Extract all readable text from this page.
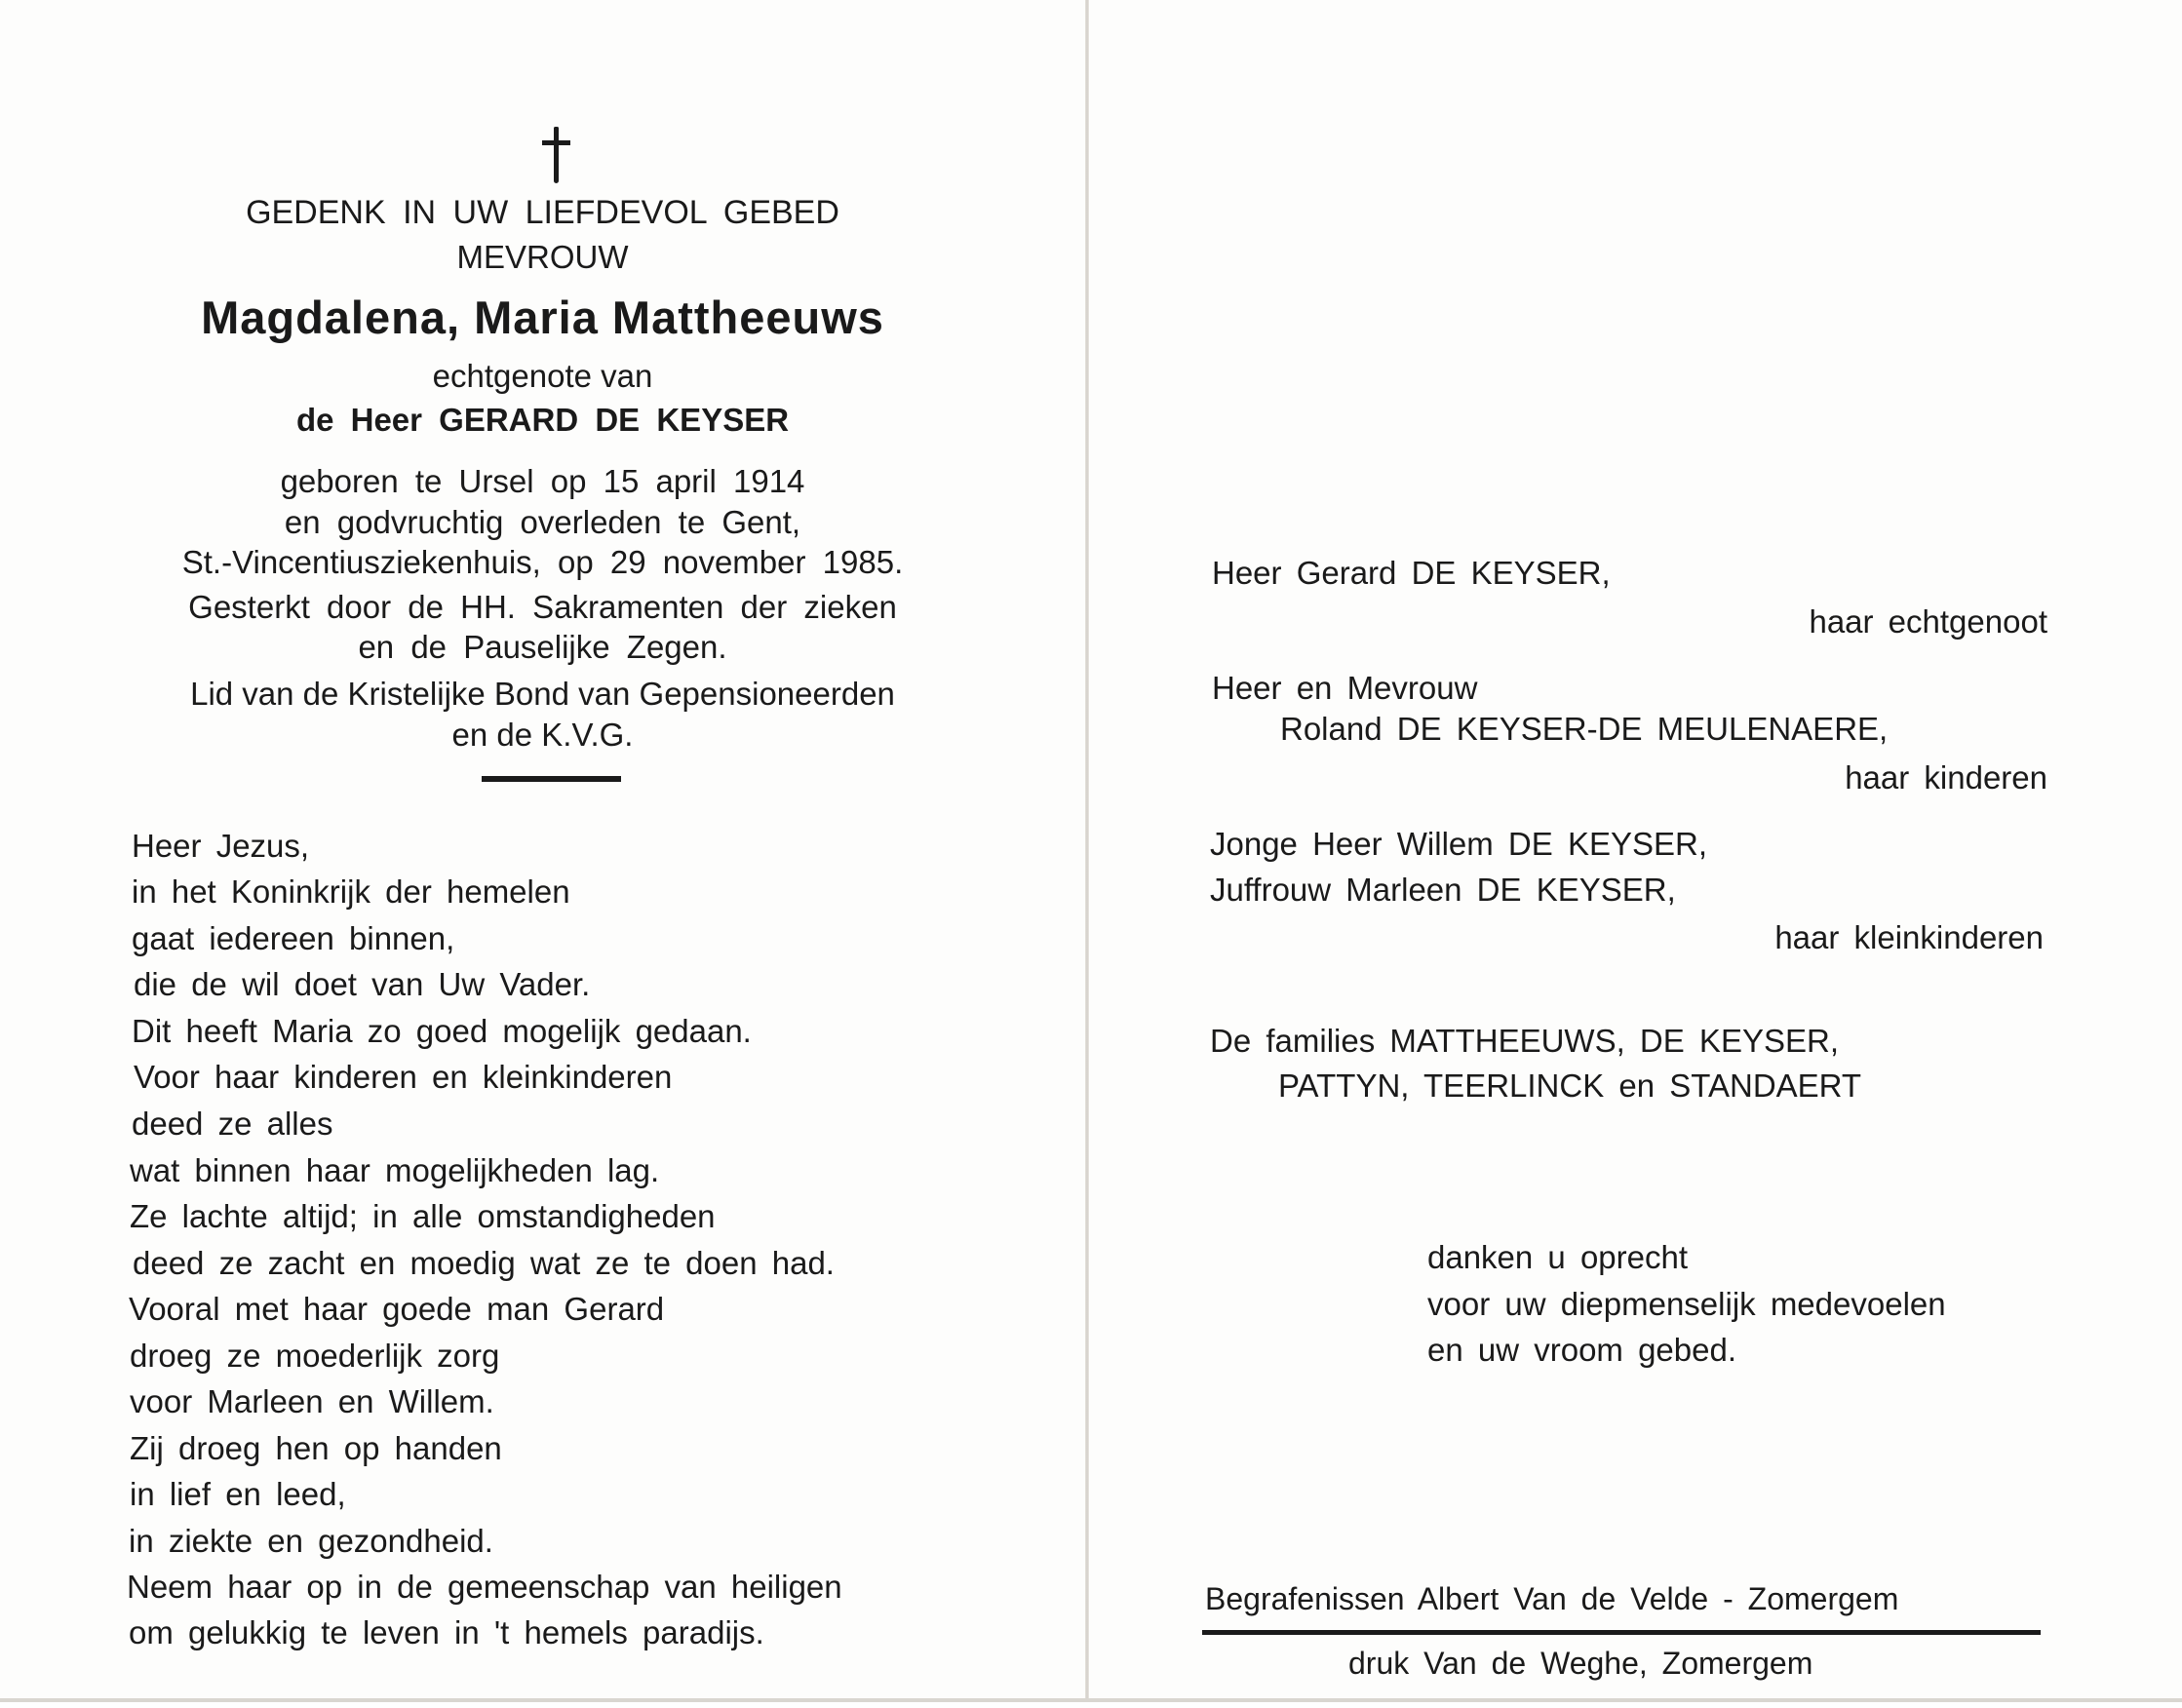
GEDENK IN UW LIEFDEVOL GEBED

MEVROUW

Magdalena, Maria Mattheeuws

echtgenote van

de Heer GERARD DE KEYSER

geboren te Ursel op 15 april 1914

en godvruchtig overleden te Gent,

St.-Vincentiusziekenhuis, op 29 november 1985.

Gesterkt door de HH. Sakramenten der zieken

en de Pauselijke Zegen.

Lid van de Kristelijke Bond van Gepensioneerden

en de K.V.G.

Heer Jezus,

in het Koninkrijk der hemelen

gaat iedereen binnen,

die de wil doet van Uw Vader.

Dit heeft Maria zo goed mogelijk gedaan.

Voor haar kinderen en kleinkinderen

deed ze alles

wat binnen haar mogelijkheden lag.

Ze lachte altijd; in alle omstandigheden

deed ze zacht en moedig wat ze te doen had.

Vooral met haar goede man Gerard

droeg ze moederlijk zorg

voor Marleen en Willem.

Zij droeg hen op handen

in lief en leed,

in ziekte en gezondheid.

Neem haar op in de gemeenschap van heiligen

om gelukkig te leven in 't hemels paradijs.

Heer Gerard DE KEYSER,

haar echtgenoot

Heer en Mevrouw

Roland DE KEYSER-DE MEULENAERE,

haar kinderen

Jonge Heer Willem DE KEYSER,

Juffrouw Marleen DE KEYSER,

haar kleinkinderen

De families MATTHEEUWS, DE KEYSER,

PATTYN, TEERLINCK en STANDAERT

danken u oprecht

voor uw diepmenselijk medevoelen

en uw vroom gebed.

Begrafenissen Albert Van de Velde - Zomergem

druk Van de Weghe, Zomergem
